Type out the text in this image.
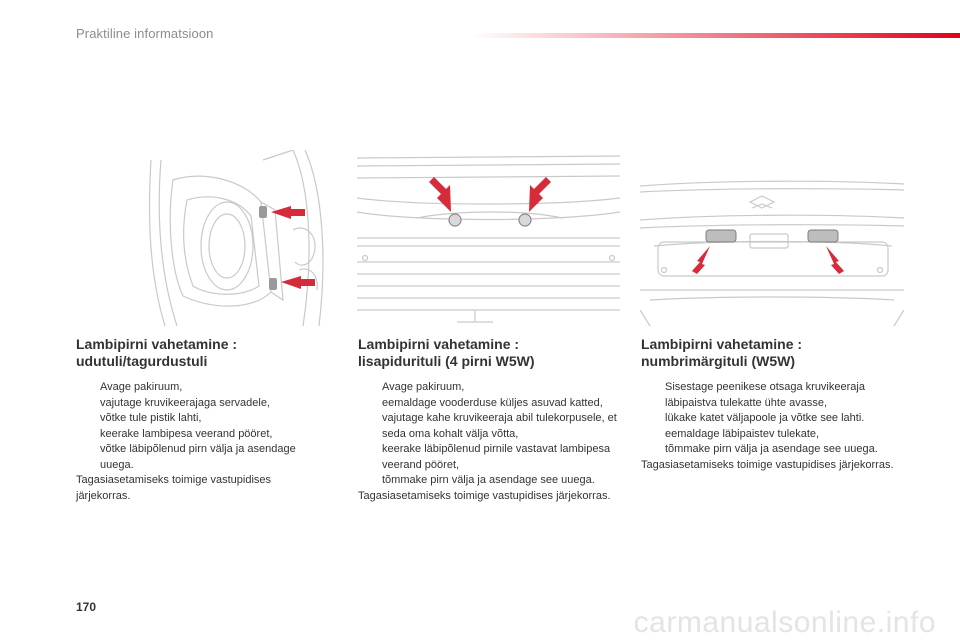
Praktiline informatsioon
Lambipirni vahetamine :
udutuli/tagurdustuli
Avage pakiruum,
vajutage kruvikeerajaga servadele,
võtke tule pistik lahti,
keerake lambipesa veerand pööret,
võtke läbipõlenud pirn välja ja asendage uuega.

Tagasiasetamiseks toimige vastupidises järjekorras.

Lambipirni vahetamine :
lisapidurituli (4 pirni W5W)
Avage pakiruum,
eemaldage vooderduse küljes asuvad katted,
vajutage kahe kruvikeeraja abil tulekorpusele, et seda oma kohalt välja võtta,
keerake läbipõlenud pirnile vastavat lambipesa veerand pööret,
tõmmake pirn välja ja asendage see uuega.

Tagasiasetamiseks toimige vastupidises järjekorras.

Lambipirni vahetamine :
numbrimärgituli (W5W)
Sisestage peenikese otsaga kruvikeeraja läbipaistva tulekatte ühte avasse,
lükake katet väljapoole ja võtke see lahti.
eemaldage läbipaistev tulekate,
tõmmake pirn välja ja asendage see uuega.

Tagasiasetamiseks toimige vastupidises järjekorras.

170	carmanualsonline.info
